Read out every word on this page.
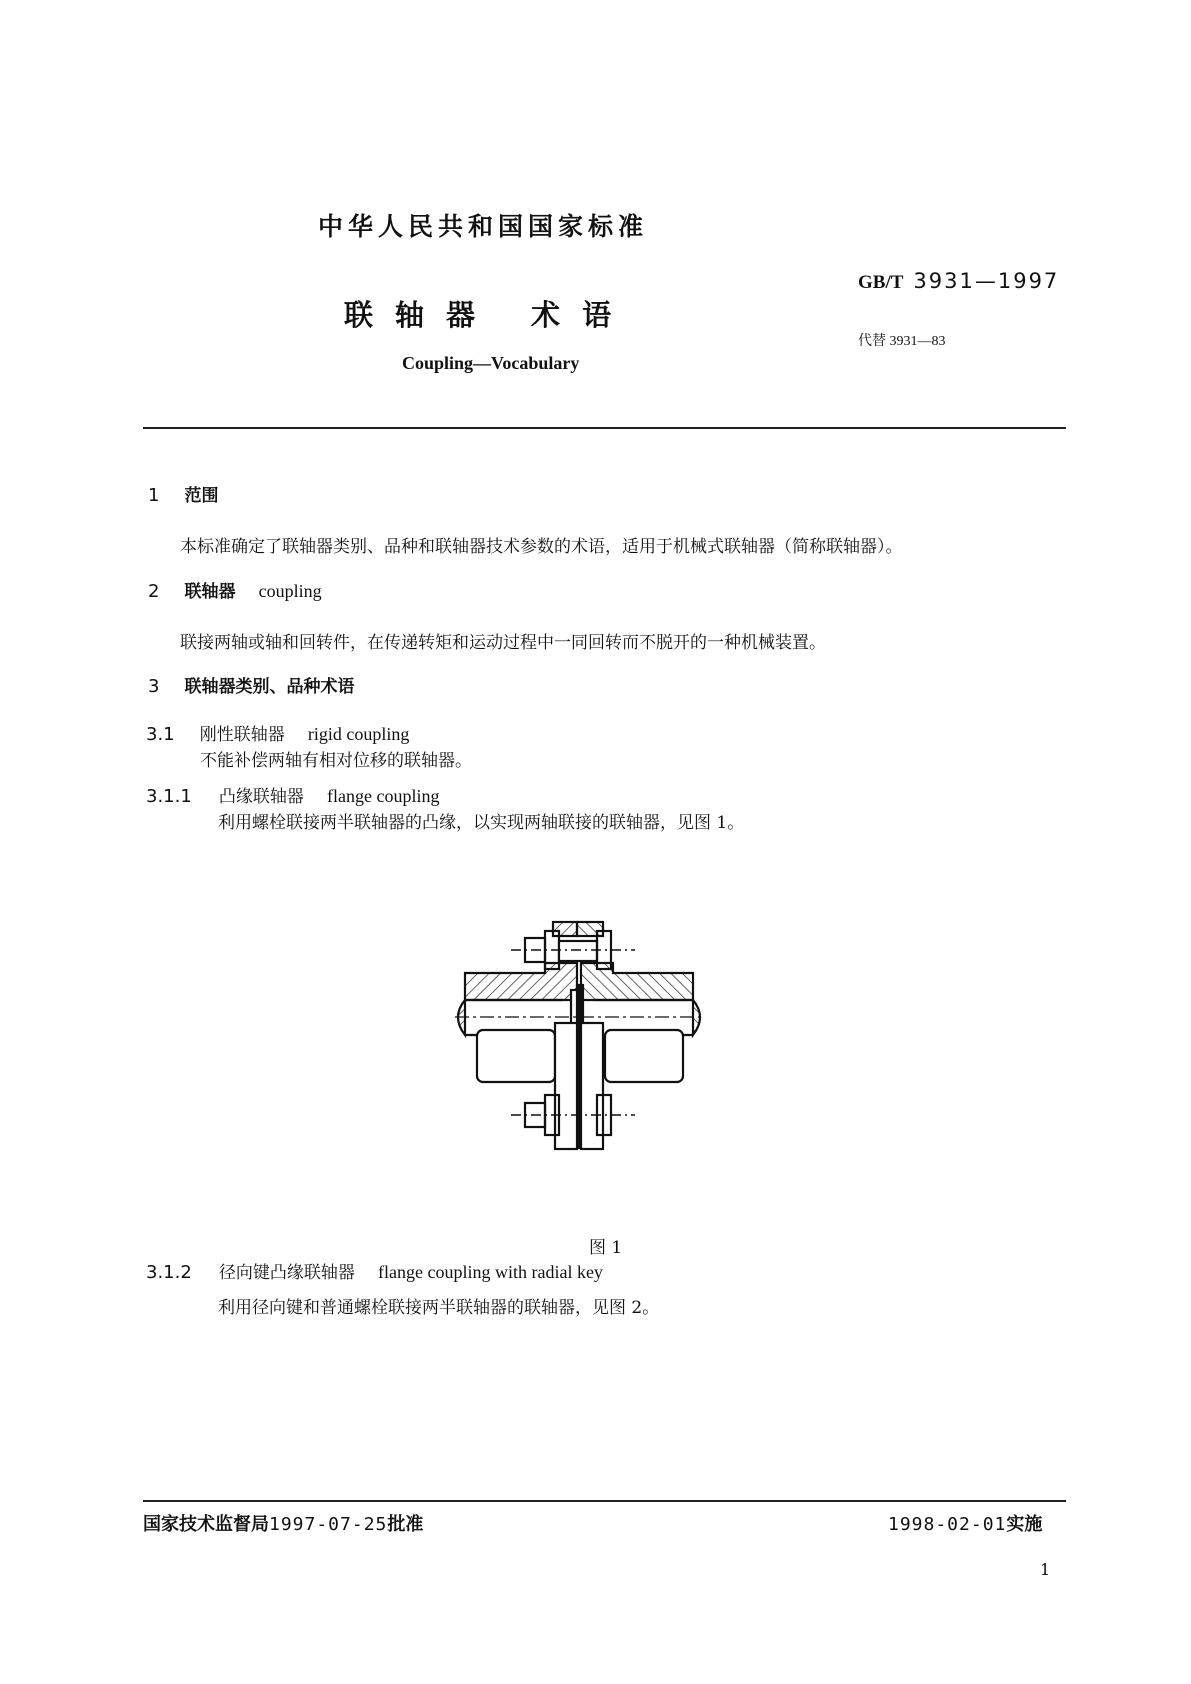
中华人民共和国国家标准
联 轴 器 术 语
Coupling—Vocabulary
GB/T 3931—1997
代替 3931—83
1 范围
本标准确定了联轴器类别、品种和联轴器技术参数的术语，适用于机械式联轴器（简称联轴器）。
2 联轴器 coupling
联接两轴或轴和回转件，在传递转矩和运动过程中一同回转而不脱开的一种机械装置。
3 联轴器类别、品种术语
3.1 刚性联轴器 rigid coupling
不能补偿两轴有相对位移的联轴器。
3.1.1 凸缘联轴器 flange coupling
利用螺栓联接两半联轴器的凸缘，以实现两轴联接的联轴器，见图 1。
图 1
3.1.2 径向键凸缘联轴器 flange coupling with radial key
利用径向键和普通螺栓联接两半联轴器的联轴器，见图 2。
国家技术监督局1997-07-25批准	1998-02-01实施
1
